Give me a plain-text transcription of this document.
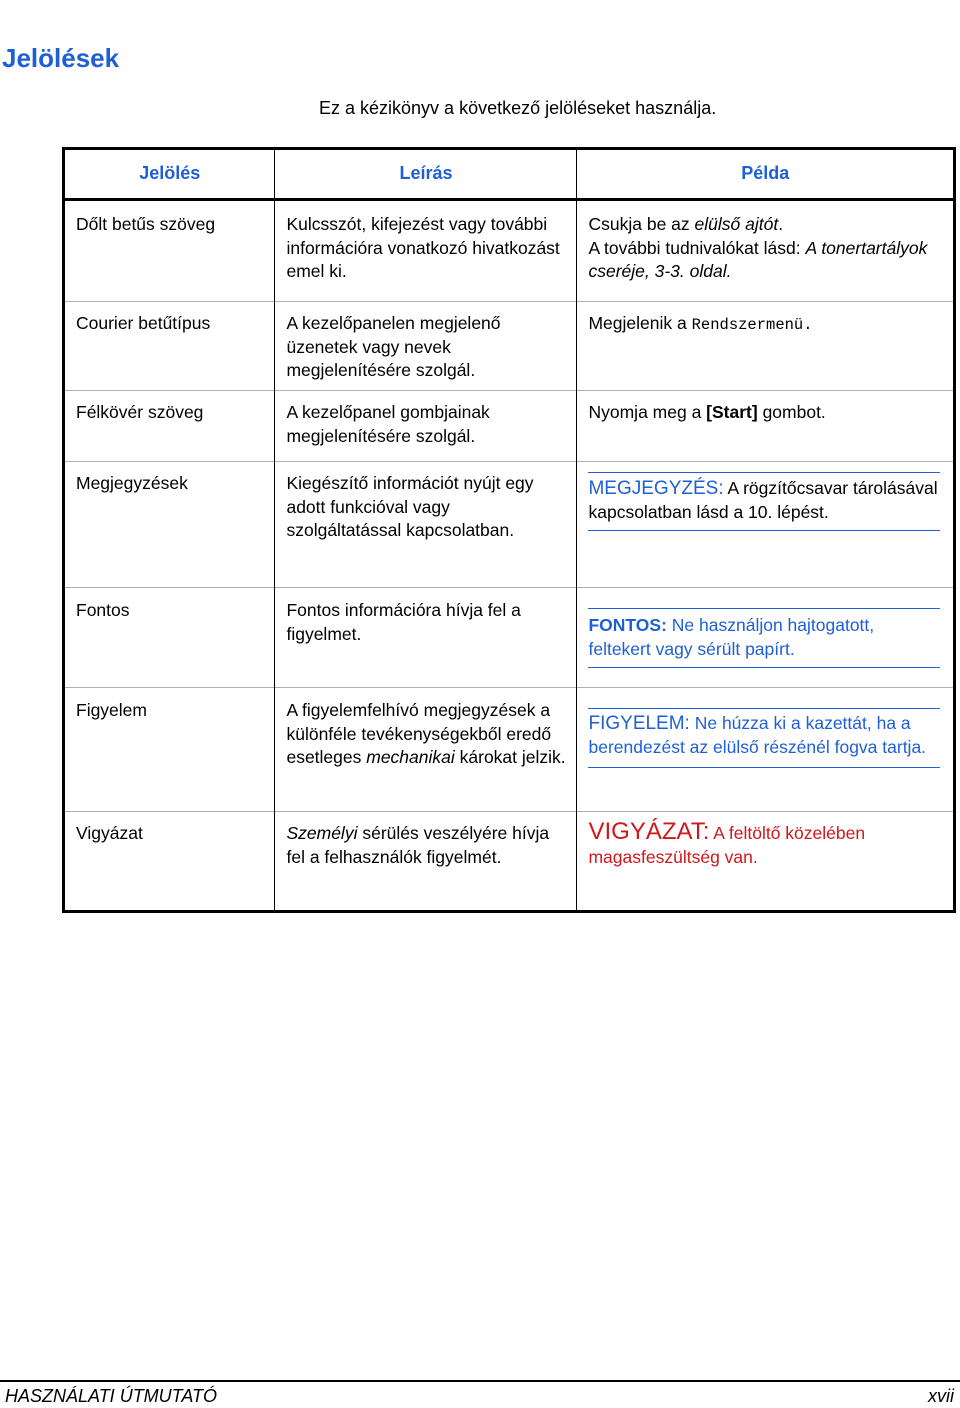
Jelölések
Ez a kézikönyv a következő jelöléseket használja.
Jelölés	Leírás	Példa
Dőlt betűs szöveg	Kulcsszót, kifejezést vagy további információra vonatkozó hivatkozást emel ki.	Csukja be az elülső ajtót.
A további tudnivalókat lásd: A tonertartályok cseréje, 3-3. oldal.
Courier betűtípus	A kezelőpanelen megjelenő üzenetek vagy nevek megjelenítésére szolgál.	Megjelenik a Rendszermenü.
Félkövér szöveg	A kezelőpanel gombjainak megjelenítésére szolgál.	Nyomja meg a [Start] gombot.
Megjegyzések	Kiegészítő információt nyújt egy adott funkcióval vagy szolgáltatással kapcsolatban.	MEGJEGYZÉS: A rögzítőcsavar tárolásával kapcsolatban lásd a 10. lépést.

Fontos	Fontos információra hívja fel a figyelmet.	FONTOS: Ne használjon hajtogatott, feltekert vagy sérült papírt.

Figyelem	A figyelemfelhívó megjegyzések a különféle tevékenységekből eredő esetleges mechanikai károkat jelzik.	FIGYELEM: Ne húzza ki a kazettát, ha a berendezést az elülső részénél fogva tartja.

Vigyázat	Személyi sérülés veszélyére hívja fel a felhasználók figyelmét.	VIGYÁZAT: A feltöltő közelében magasfeszültség van.
HASZNÁLATI ÚTMUTATÓ	xvii
